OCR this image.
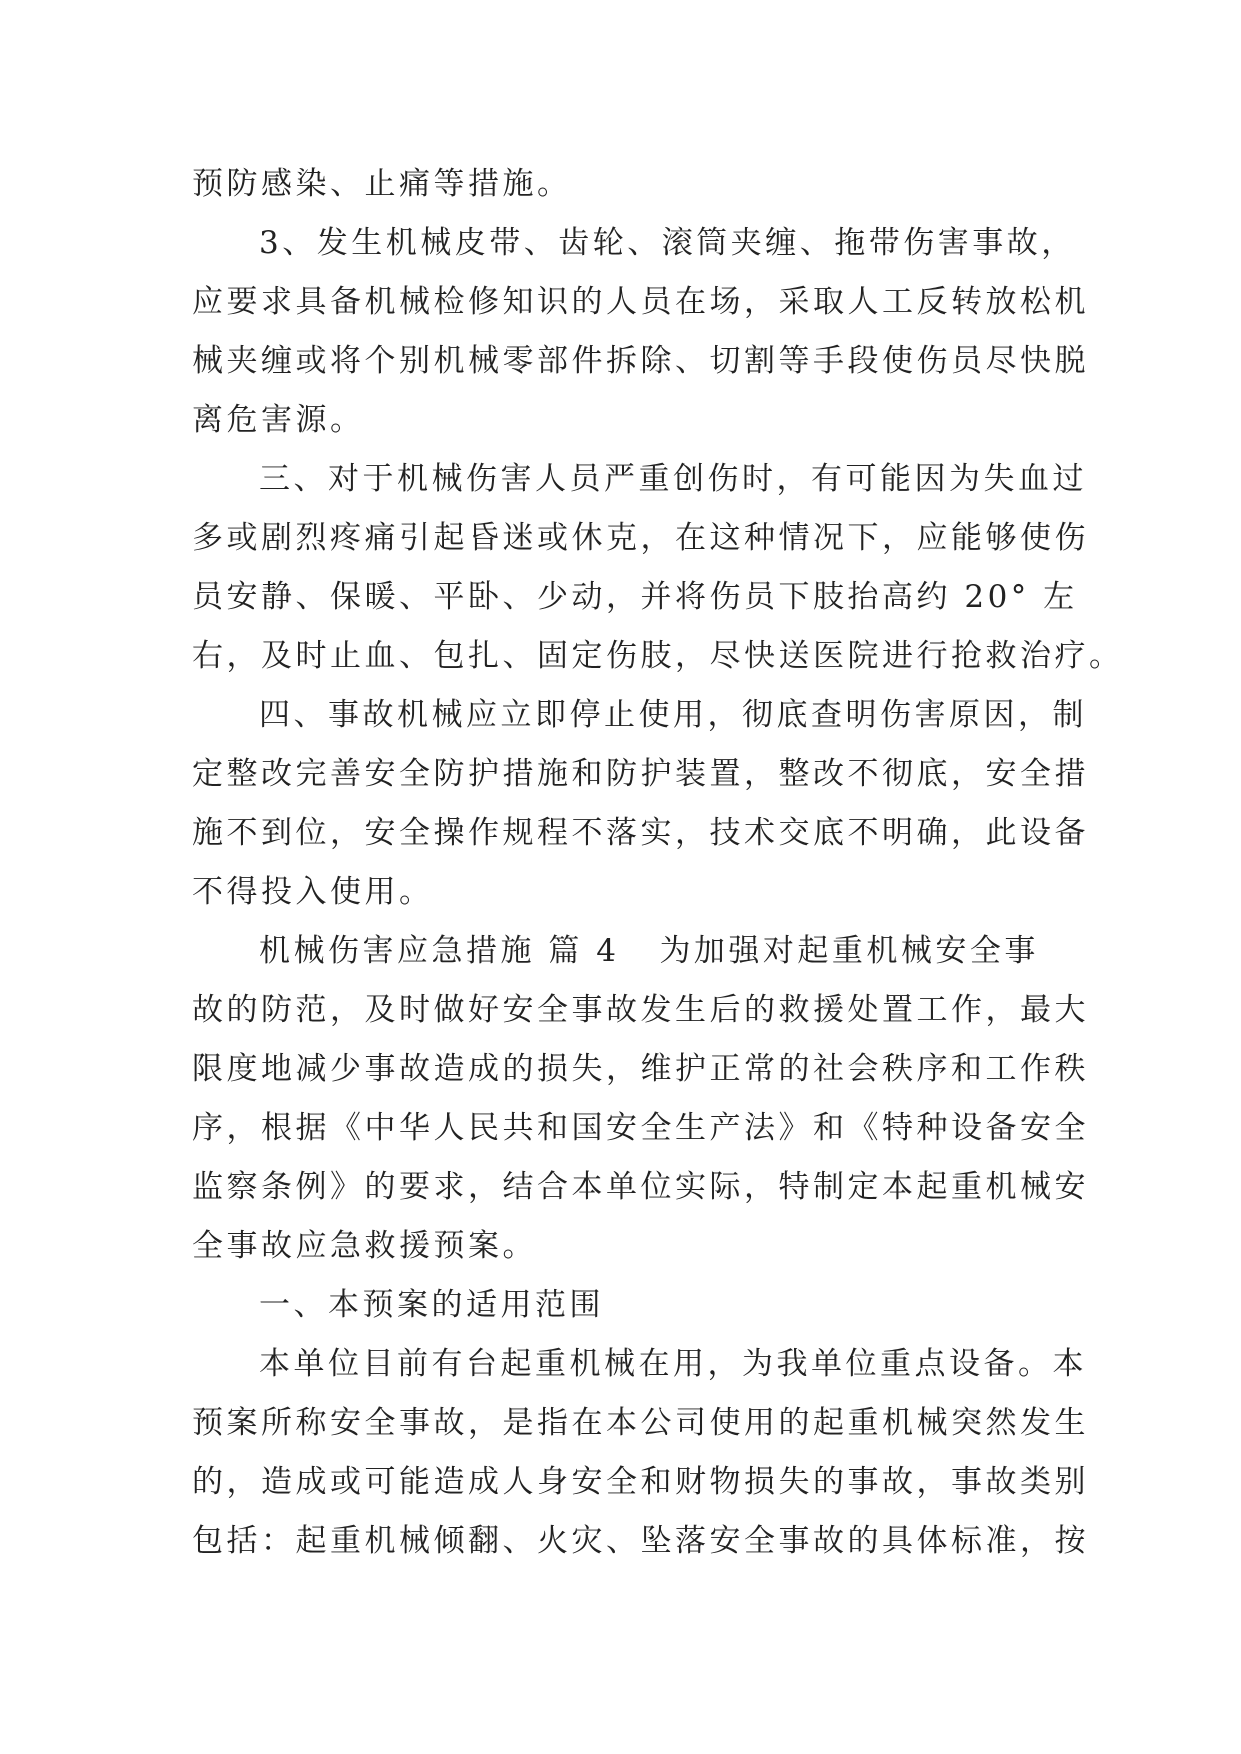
预防感染、止痛等措施。
3、发生机械皮带、齿轮、滚筒夹缠、拖带伤害事故，
应要求具备机械检修知识的人员在场，采取人工反转放松机
械夹缠或将个别机械零部件拆除、切割等手段使伤员尽快脱
离危害源。
三、对于机械伤害人员严重创伤时，有可能因为失血过
多或剧烈疼痛引起昏迷或休克，在这种情况下，应能够使伤
员安静、保暖、平卧、少动，并将伤员下肢抬高约 20° 左
右，及时止血、包扎、固定伤肢，尽快送医院进行抢救治疗。
四、事故机械应立即停止使用，彻底查明伤害原因，制
定整改完善安全防护措施和防护装置，整改不彻底，安全措
施不到位，安全操作规程不落实，技术交底不明确，此设备
不得投入使用。
机械伤害应急措施 篇 4 为加强对起重机械安全事
故的防范，及时做好安全事故发生后的救援处置工作，最大
限度地减少事故造成的损失，维护正常的社会秩序和工作秩
序，根据《中华人民共和国安全生产法》和《特种设备安全
监察条例》的要求，结合本单位实际，特制定本起重机械安
全事故应急救援预案。
一、本预案的适用范围
本单位目前有台起重机械在用，为我单位重点设备。本
预案所称安全事故，是指在本公司使用的起重机械突然发生
的，造成或可能造成人身安全和财物损失的事故，事故类别
包括：起重机械倾翻、火灾、坠落安全事故的具体标准，按
